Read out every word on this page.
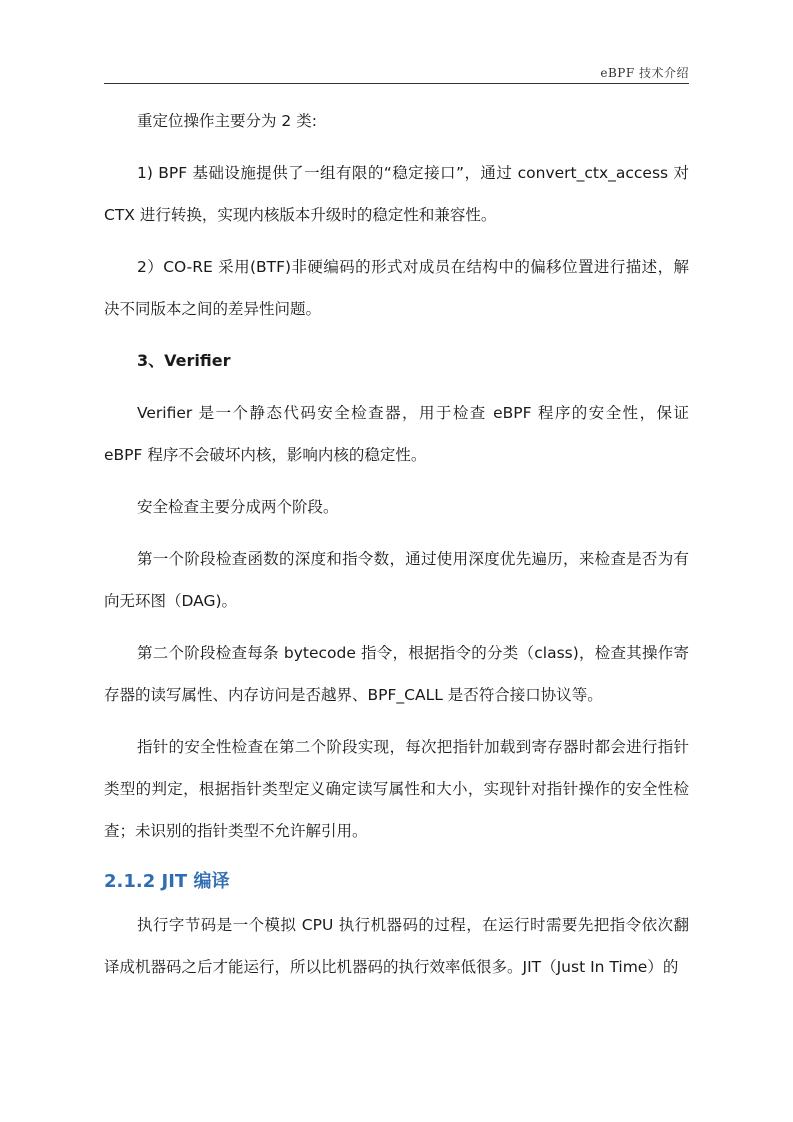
eBPF 技术介绍

重定位操作主要分为 2 类:

1) BPF 基础设施提供了一组有限的“稳定接口”，通过 convert_ctx_access 对 CTX 进行转换，实现内核版本升级时的稳定性和兼容性。

2）CO-RE 采用(BTF)非硬编码的形式对成员在结构中的偏移位置进行描述，解决不同版本之间的差异性问题。

3、Verifier

Verifier 是一个静态代码安全检查器，用于检查 eBPF 程序的安全性，保证 eBPF 程序不会破坏内核，影响内核的稳定性。

安全检查主要分成两个阶段。

第一个阶段检查函数的深度和指令数，通过使用深度优先遍历，来检查是否为有向无环图（DAG)。

第二个阶段检查每条 bytecode 指令，根据指令的分类（class)，检查其操作寄存器的读写属性、内存访问是否越界、BPF_CALL 是否符合接口协议等。

指针的安全性检查在第二个阶段实现，每次把指针加载到寄存器时都会进行指针类型的判定，根据指针类型定义确定读写属性和大小，实现针对指针操作的安全性检查；未识别的指针类型不允许解引用。

2.1.2 JIT 编译

执行字节码是一个模拟 CPU 执行机器码的过程，在运行时需要先把指令依次翻译成机器码之后才能运行，所以比机器码的执行效率低很多。JIT（Just In Time）的
